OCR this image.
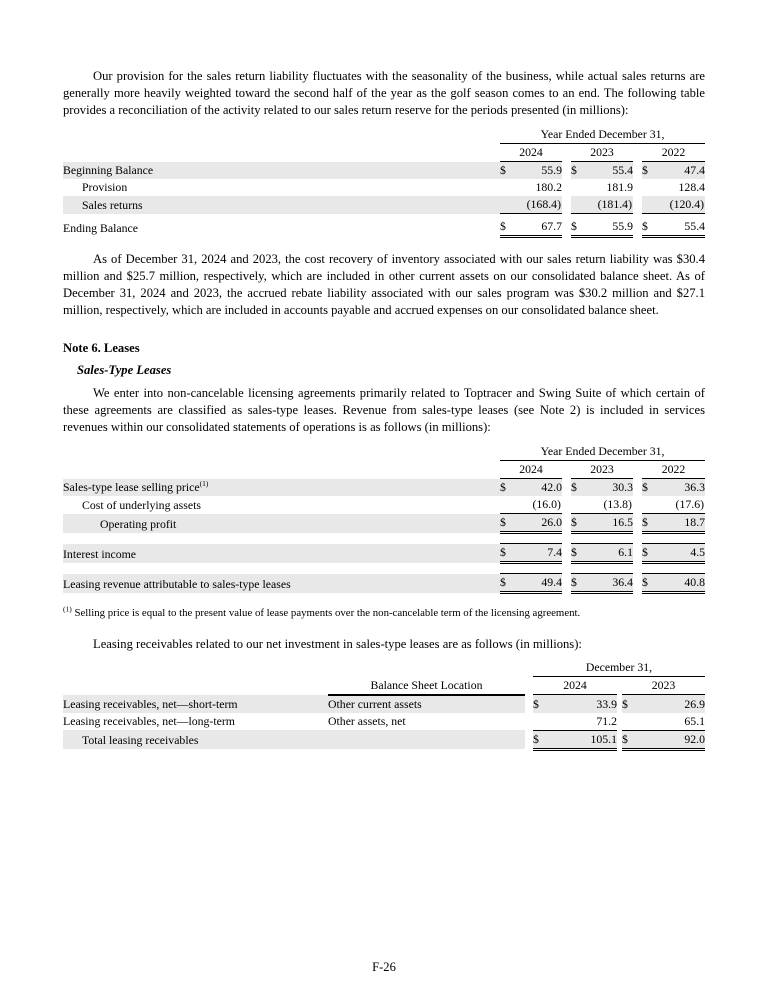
Our provision for the sales return liability fluctuates with the seasonality of the business, while actual sales returns are generally more heavily weighted toward the second half of the year as the golf season comes to an end. The following table provides a reconciliation of the activity related to our sales return reserve for the periods presented (in millions):

	Year Ended December 31,							
	2024			2023			2022	
Beginning Balance	$	55.9		$	55.4		$	47.4
Provision		180.2			181.9			128.4
Sales returns		(168.4)			(181.4)			(120.4)
Ending Balance	$	67.7		$	55.9		$	55.4

As of December 31, 2024 and 2023, the cost recovery of inventory associated with our sales return liability was $30.4 million and $25.7 million, respectively, which are included in other current assets on our consolidated balance sheet. As of December 31, 2024 and 2023, the accrued rebate liability associated with our sales program was $30.2 million and $27.1 million, respectively, which are included in accounts payable and accrued expenses on our consolidated balance sheet.

Note 6. Leases
Sales-Type Leases

We enter into non-cancelable licensing agreements primarily related to Toptracer and Swing Suite of which certain of these agreements are classified as sales-type leases. Revenue from sales-type leases (see Note 2) is included in services revenues within our consolidated statements of operations is as follows (in millions):

	Year Ended December 31,							
	2024			2023			2022	
Sales-type lease selling price$^{(1)}$	$	42.0		$	30.3		$	36.3
Cost of underlying assets		(16.0)			(13.8)			(17.6)
Operating profit	$	26.0		$	16.5		$	18.7

Interest income	$	7.4		$	6.1		$	4.5

Leasing revenue attributable to sales-type leases	$	49.4		$	36.4		$	40.8

$^{(1)}$ Selling price is equal to the present value of lease payments over the non-cancelable term of the licensing agreement.

Leasing receivables related to our net investment in sales-type leases are as follows (in millions):

			December 31,				
	Balance Sheet Location		2024			2023	
Leasing receivables, net—short-term	Other current assets		$	33.9		$	26.9
Leasing receivables, net—long-term	Other assets, net			71.2			65.1
Total leasing receivables			$	105.1		$	92.0
F-26
